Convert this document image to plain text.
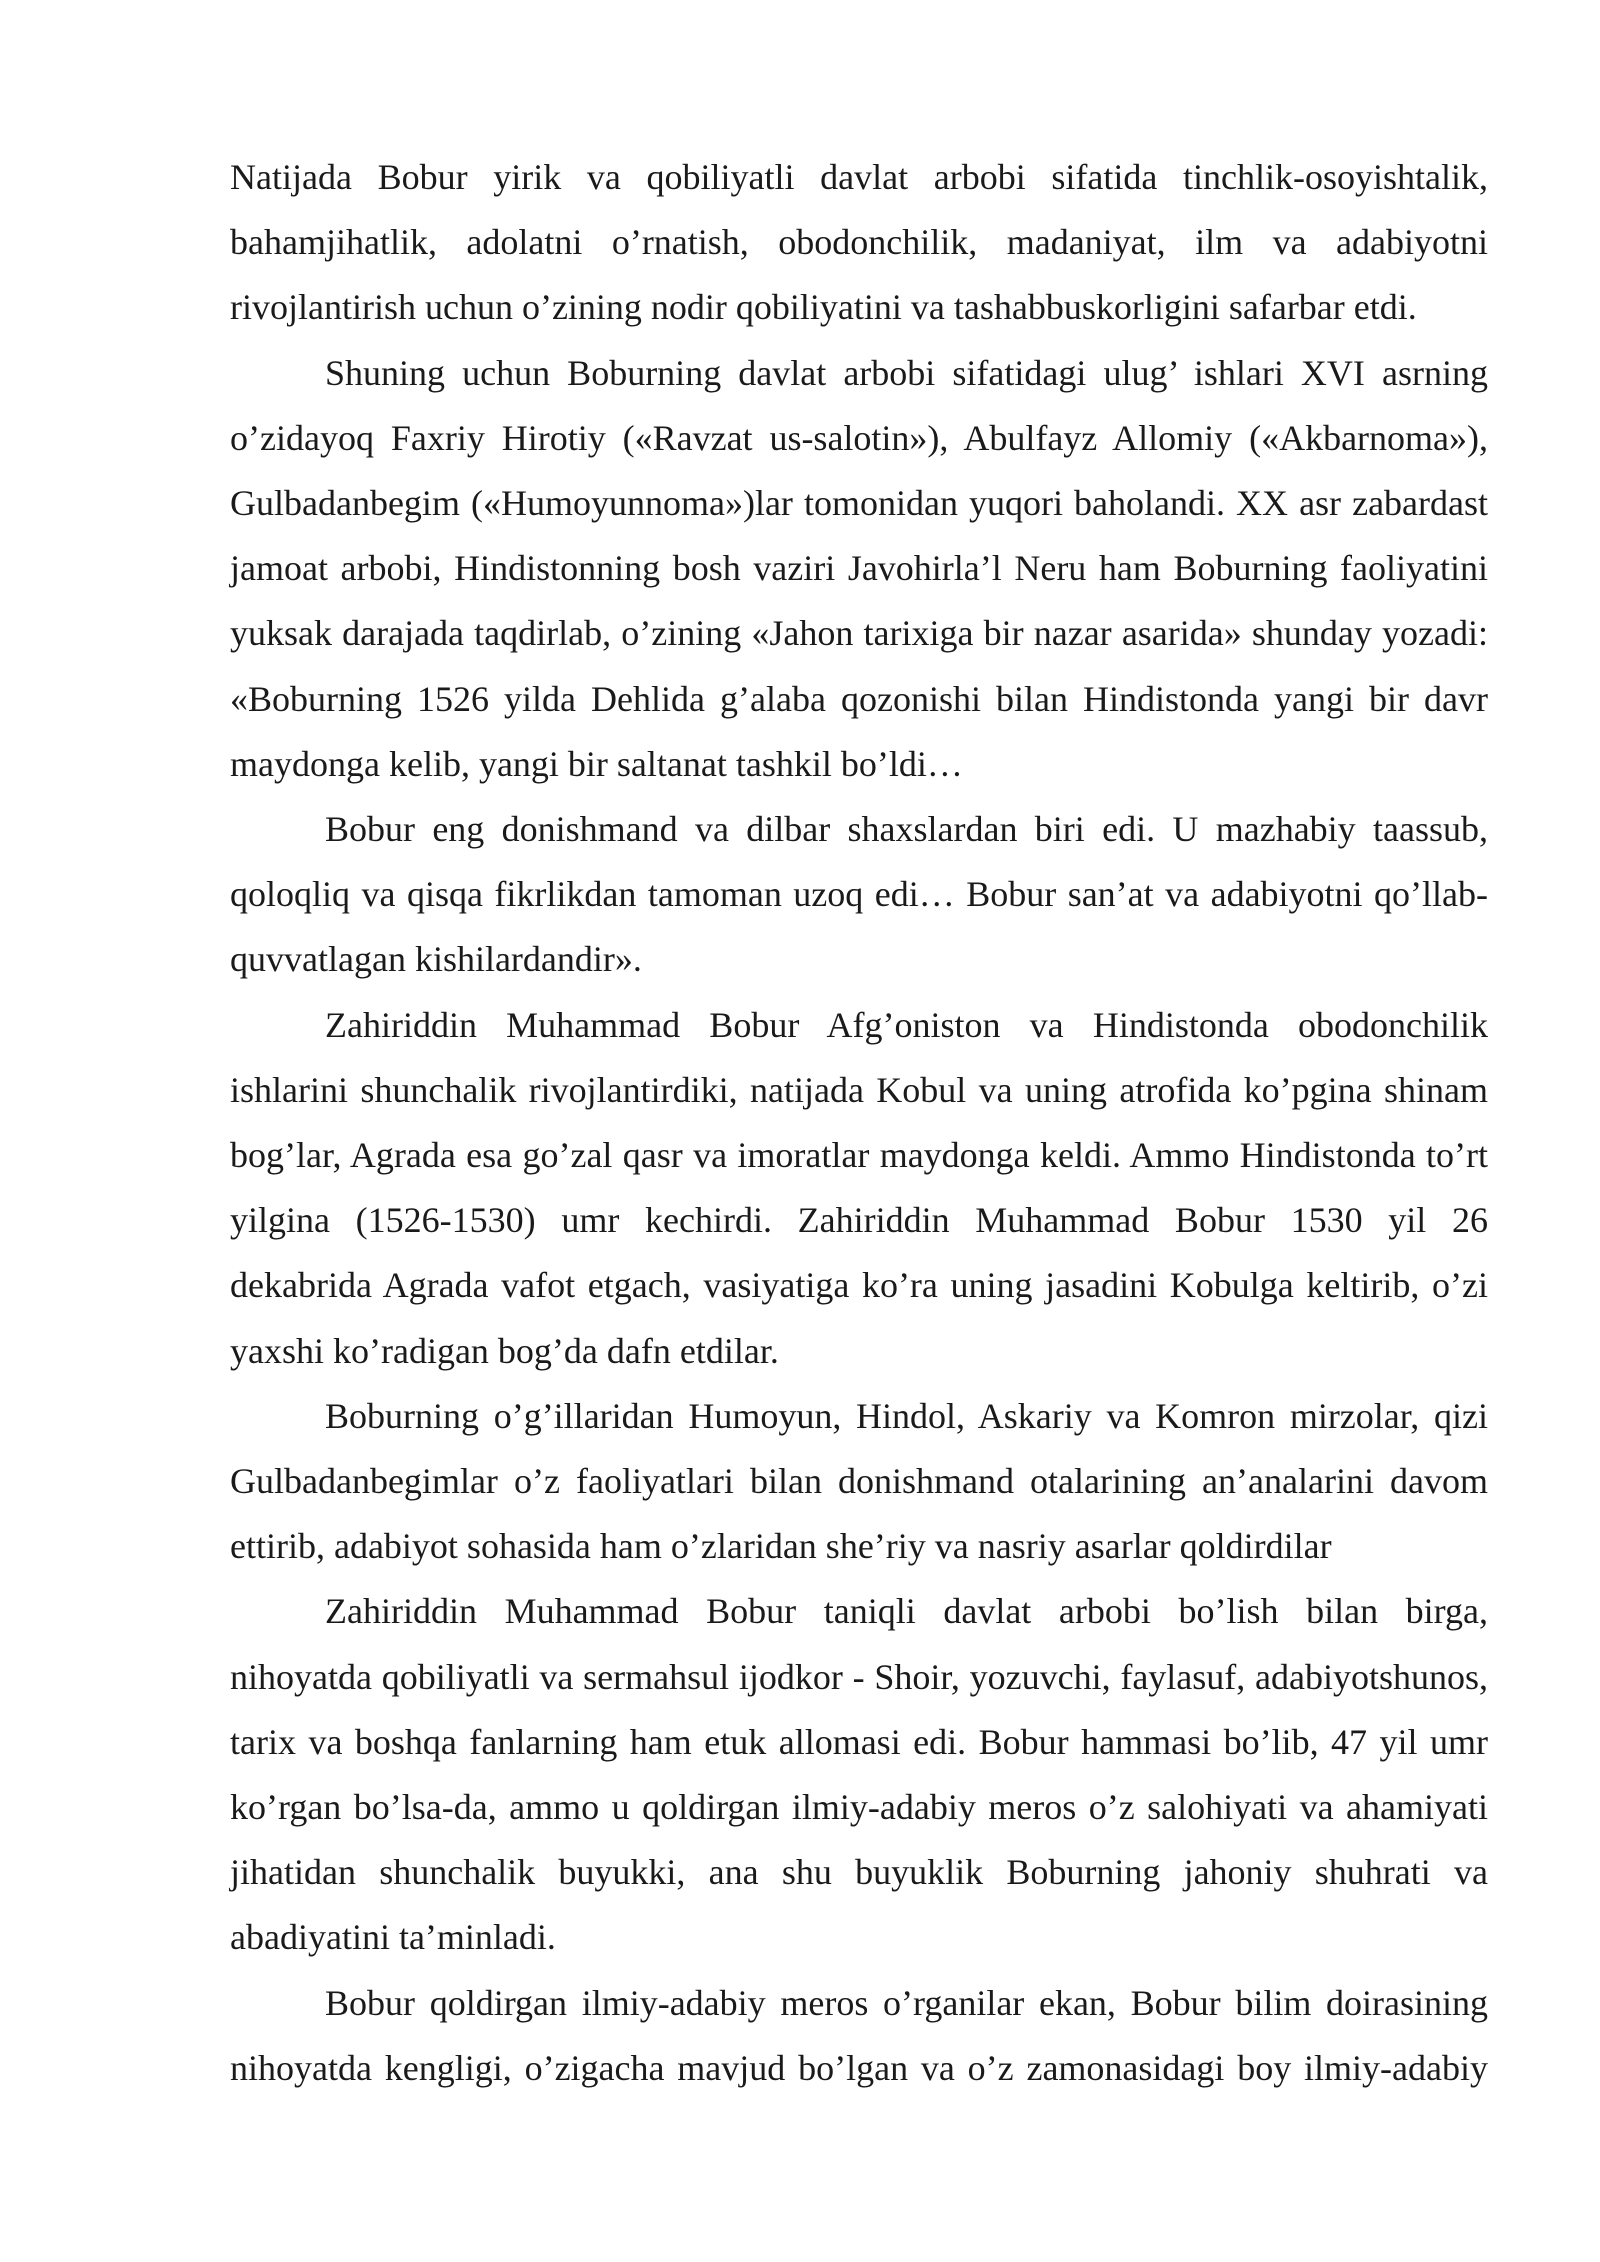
Natijada Bobur yirik va qobiliyatli davlat arbobi sifatida tinchlik-osoyishtalik, bahamjihatlik, adolatni o’rnatish, obodonchilik, madaniyat, ilm va adabiyotni rivojlantirish uchun o’zining nodir qobiliyatini va tashabbuskorligini safarbar etdi.

Shuning uchun Boburning davlat arbobi sifatidagi ulug’ ishlari XVI asrning o’zidayoq Faxriy Hirotiy («Ravzat us-salotin»), Abulfayz Allomiy («Akbarnoma»), Gulbadanbegim («Humoyunnoma»)lar tomonidan yuqori baholandi. XX asr zabardast jamoat arbobi, Hindistonning bosh vaziri Javohirla’l Neru ham Boburning faoliyatini yuksak darajada taqdirlab, o’zining «Jahon tarixiga bir nazar asarida» shunday yozadi: «Boburning 1526 yilda Dehlida g’alaba qozonishi bilan Hindistonda yangi bir davr maydonga kelib, yangi bir saltanat tashkil bo’ldi…

Bobur eng donishmand va dilbar shaxslardan biri edi. U mazhabiy taassub, qoloqliq va qisqa fikrlikdan tamoman uzoq edi… Bobur san’at va adabiyotni qo’llab-quvvatlagan kishilardandir».

Zahiriddin Muhammad Bobur Afg’oniston va Hindistonda obodonchilik ishlarini shunchalik rivojlantirdiki, natijada Kobul va uning atrofida ko’pgina shinam bog’lar, Agrada esa go’zal qasr va imoratlar maydonga keldi. Ammo Hindistonda to’rt yilgina (1526-1530) umr kechirdi. Zahiriddin Muhammad Bobur 1530 yil 26 dekabrida Agrada vafot etgach, vasiyatiga ko’ra uning jasadini Kobulga keltirib, o’zi yaxshi ko’radigan bog’da dafn etdilar.

Boburning o’g’illaridan Humoyun, Hindol, Askariy va Komron mirzolar, qizi Gulbadanbegimlar o’z faoliyatlari bilan donishmand otalarining an’analarini davom ettirib, adabiyot sohasida ham o’zlaridan she’riy va nasriy asarlar qoldirdilar

Zahiriddin Muhammad Bobur taniqli davlat arbobi bo’lish bilan birga, nihoyatda qobiliyatli va sermahsul ijodkor - Shoir, yozuvchi, faylasuf, adabiyotshunos, tarix va boshqa fanlarning ham etuk allomasi edi. Bobur hammasi bo’lib, 47 yil umr ko’rgan bo’lsa-da, ammo u qoldirgan ilmiy-adabiy meros o’z salohiyati va ahamiyati jihatidan shunchalik buyukki, ana shu buyuklik Boburning jahoniy shuhrati va abadiyatini ta’minladi.

Bobur qoldirgan ilmiy-adabiy meros o’rganilar ekan, Bobur bilim doirasining nihoyatda kengligi, o’zigacha mavjud bo’lgan va o’z zamonasidagi boy ilmiy-adabiy
